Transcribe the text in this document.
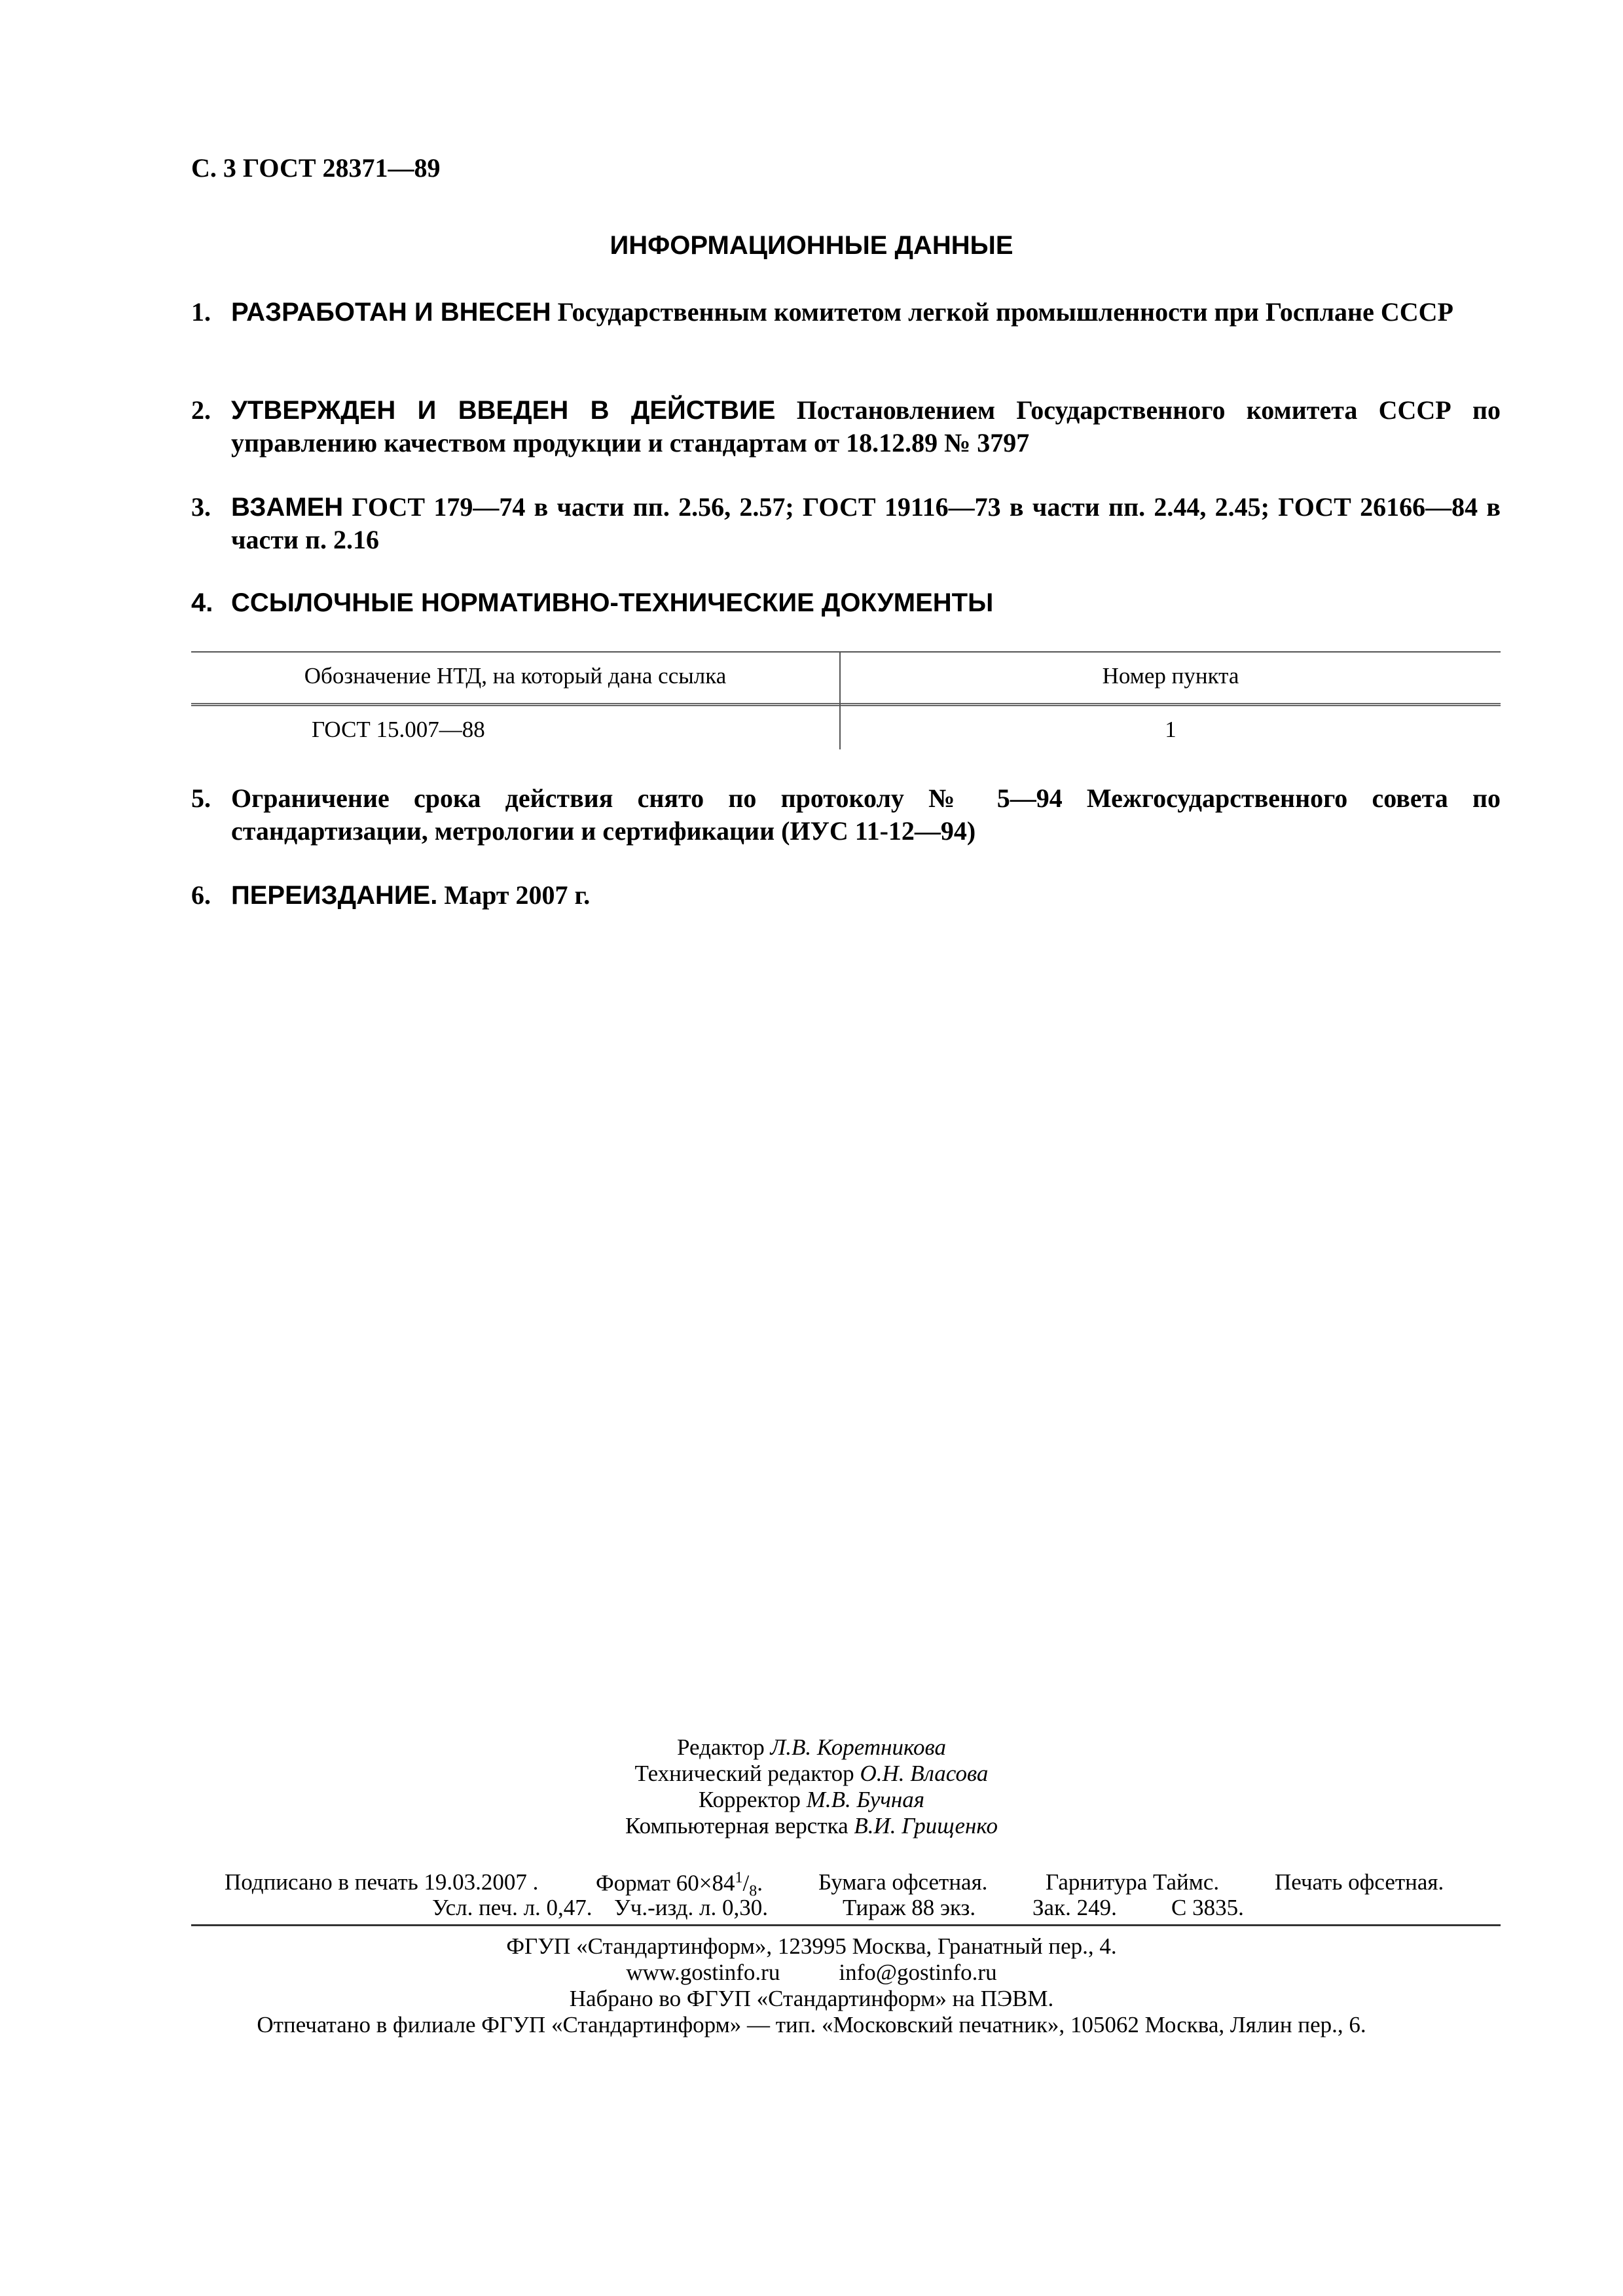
С. 3 ГОСТ 28371—89
ИНФОРМАЦИОННЫЕ ДАННЫЕ
1. РАЗРАБОТАН И ВНЕСЕН Государственным комитетом легкой промышленности при Госплане СССР
2. УТВЕРЖДЕН И ВВЕДЕН В ДЕЙСТВИЕ Постановлением Государственного комитета СССР по управлению качеством продукции и стандартам от 18.12.89 № 3797
3. ВЗАМЕН ГОСТ 179—74 в части пп. 2.56, 2.57; ГОСТ 19116—73 в части пп. 2.44, 2.45; ГОСТ 26166—84 в части п. 2.16
4. ССЫЛОЧНЫЕ НОРМАТИВНО-ТЕХНИЧЕСКИЕ ДОКУМЕНТЫ
Обозначение НТД, на который дана ссылка	Номер пункта
ГОСТ 15.007—88	1
5. Ограничение срока действия снято по протоколу № 5—94 Межгосударственного совета по стандартизации, метрологии и сертификации (ИУС 11-12—94)
6. ПЕРЕИЗДАНИЕ. Март 2007 г.
Редактор Л.В. Коретникова
Технический редактор О.Н. Власова
Корректор М.В. Бучная
Компьютерная верстка В.И. Грищенко
Подписано в печать 19.03.2007 .	Формат $60\times 84^1/_8$. Бумага офсетная.	Гарнитура Таймс. Печать офсетная.
Усл. печ. л. 0,47. Уч.-изд. л. 0,30.	Тираж 88 экз. Зак. 249. С 3835.
ФГУП «Стандартинформ», 123995 Москва, Гранатный пер., 4.
www.gostinfo.ru	info@gostinfo.ru
Набрано во ФГУП «Стандартинформ» на ПЭВМ.
Отпечатано в филиале ФГУП «Стандартинформ» — тип. «Московский печатник», 105062 Москва, Лялин пер., 6.
